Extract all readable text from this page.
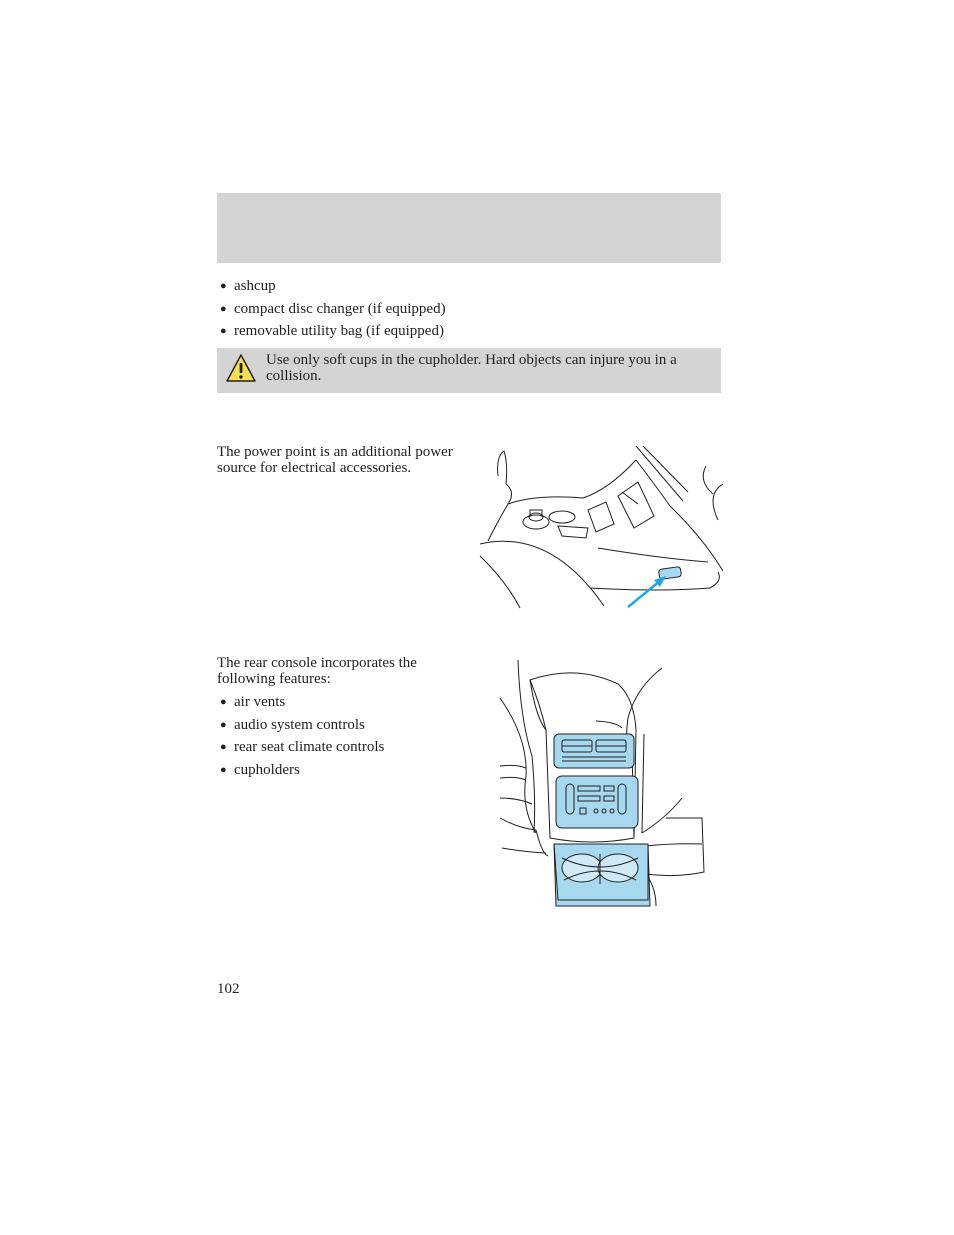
● ashcup
● compact disc changer (if equipped)
● removable utility bag (if equipped)
Use only soft cups in the cupholder. Hard objects can injure you in a collision.

The power point is an additional power source for electrical accessories.

The rear console incorporates the following features:

● air vents
● audio system controls
● rear seat climate controls
● cupholders
102
